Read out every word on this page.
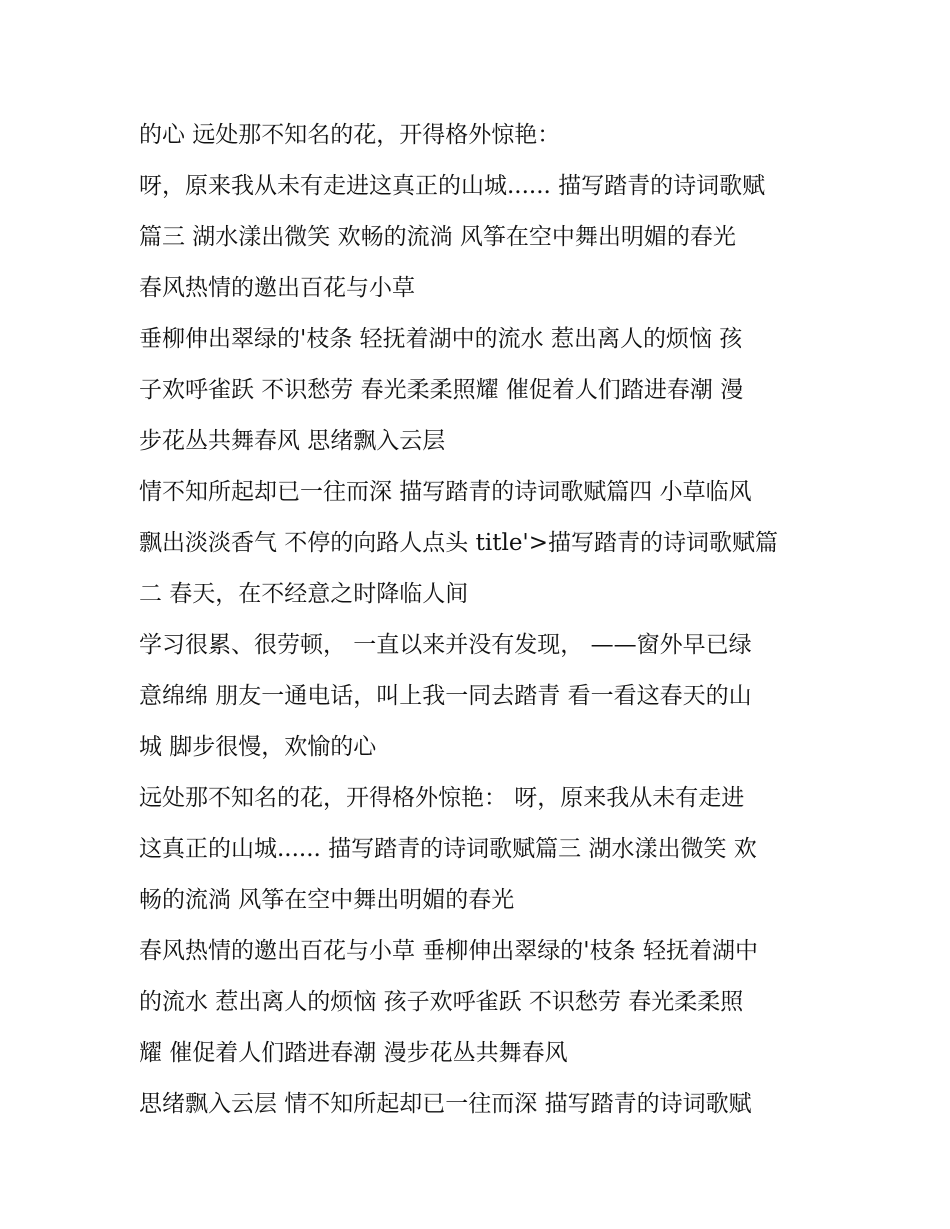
的心 远处那不知名的花，开得格外惊艳：
呀，原来我从未有走进这真正的山城...... 描写踏青的诗词歌赋
篇三 湖水漾出微笑 欢畅的流淌 风筝在空中舞出明媚的春光
春风热情的邀出百花与小草
垂柳伸出翠绿的'枝条 轻抚着湖中的流水 惹出离人的烦恼 孩
子欢呼雀跃 不识愁劳 春光柔柔照耀 催促着人们踏进春潮 漫
步花丛共舞春风 思绪飘入云层
情不知所起却已一往而深 描写踏青的诗词歌赋篇四 小草临风
飘出淡淡香气 不停的向路人点头 title'>描写踏青的诗词歌赋篇
二 春天，在不经意之时降临人间
学习很累、很劳顿， 一直以来并没有发现， ——窗外早已绿
意绵绵 朋友一通电话，叫上我一同去踏青 看一看这春天的山
城 脚步很慢，欢愉的心
远处那不知名的花，开得格外惊艳： 呀，原来我从未有走进
这真正的山城...... 描写踏青的诗词歌赋篇三 湖水漾出微笑 欢
畅的流淌 风筝在空中舞出明媚的春光
春风热情的邀出百花与小草 垂柳伸出翠绿的'枝条 轻抚着湖中
的流水 惹出离人的烦恼 孩子欢呼雀跃 不识愁劳 春光柔柔照
耀 催促着人们踏进春潮 漫步花丛共舞春风
思绪飘入云层 情不知所起却已一往而深 描写踏青的诗词歌赋
